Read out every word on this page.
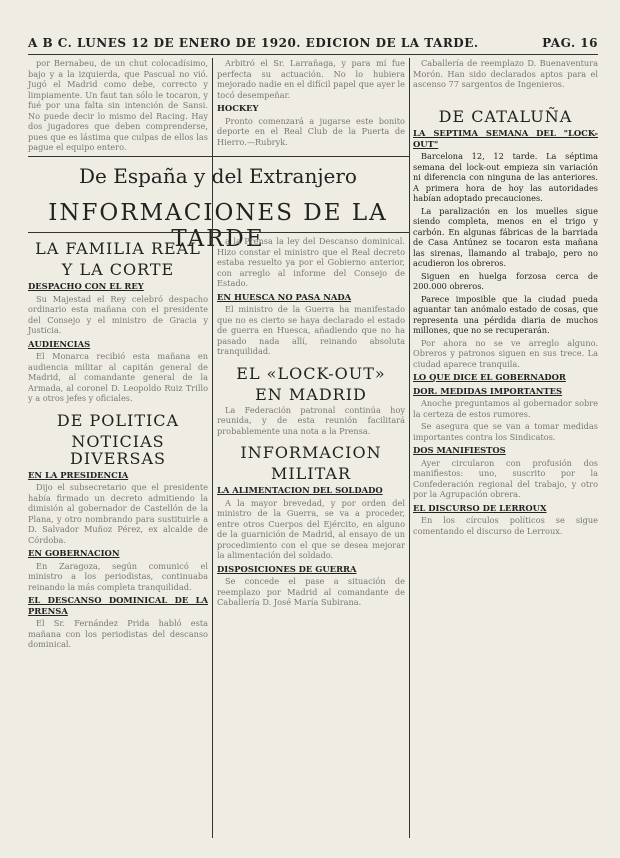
A B C. LUNES 12 DE ENERO DE 1920. EDICION DE LA TARDE.	PAG. 16

por Bernabeu, de un chut colocadísimo, bajo y a la izquierda, que Pascual no vió. Jugó el Madrid como debe, correcto y limpiamente. Un faut tan sólo le tocaron, y fué por una falta sin intención de Sansi. No puede decir lo mismo del Racing. Hay dos jugadores que deben comprenderse, pues que es lástima que culpas de ellos las pague el equipo entero.

Arbitró el Sr. Larrañaga, y para mí fue perfecta su actuación. No lo hubiera mejorado nadie en el difícil papel que ayer le tocó desempeñar.

HOCKEY

Pronto comenzará a jugarse este bonito deporte en el Real Club de la Puerta de Hierro.—Rubryk.

Caballería de reemplazo D. Buenaventura Morón. Han sido declarados aptos para el ascenso 77 sargentos de Ingenieros.

De España y del Extranjero
INFORMACIONES DE LA TARDE
LA FAMILIA REAL
Y LA CORTE
DESPACHO CON EL REY

Su Majestad el Rey celebró despacho ordinario esta mañana con el presidente del Consejo y el ministro de Gracia y Justicia.

AUDIENCIAS

El Monarca recibió esta mañana en audiencia militar al capitán general de Madrid, al comandante general de la Armada, al coronel D. Leopoldo Ruiz Trillo y a otros jefes y oficiales.

DE POLITICA
NOTICIAS DIVERSAS
EN LA PRESIDENCIA

Dijo el subsecretario que el presidente había firmado un decreto admitiendo la dimisión al gobernador de Castellón de la Plana, y otro nombrando para sustituirle a D. Salvador Muñoz Pérez, ex alcalde de Córdoba.

EN GOBERNACION

En Zaragoza, según comunicó el ministro a los periodistas, continuaba reinando la más completa tranquilidad.

EL DESCANSO DOMINICAL DE LA PRENSA

El Sr. Fernández Prida habló esta mañana con los periodistas del descanso dominical.

a la Prensa la ley del Descanso dominical. Hizo constar el ministro que el Real decreto estaba resuelto ya por el Gobierno anterior, con arreglo al informe del Consejo de Estado.

EN HUESCA NO PASA NADA

El ministro de la Guerra ha manifestado que no es cierto se haya declarado el estado de guerra en Huesca, añadiendo que no ha pasado nada allí, reinando absoluta tranquilidad.

EL «LOCK-OUT»
EN MADRID

La Federación patronal continúa hoy reunida, y de esta reunión facilitará probablemente una nota a la Prensa.

INFORMACION
MILITAR
LA ALIMENTACION DEL SOLDADO

A la mayor brevedad, y por orden del ministro de la Guerra, se va a proceder, entre otros Cuerpos del Ejército, en alguno de la guarnición de Madrid, al ensayo de un procedimiento con el que se desea mejorar la alimentación del soldado.

DISPOSICIONES DE GUERRA

Se concede el pase a situación de reemplazo por Madrid al comandante de Caballería D. José María Subirana.

DE CATALUÑA
LA SEPTIMA SEMANA DEL "LOCK-OUT"

Barcelona 12, 12 tarde. La séptima semana del lock-out empieza sin variación ni diferencia con ninguna de las anteriores. A primera hora de hoy las autoridades habían adoptado precauciones.

La paralización en los muelles sigue siendo completa, menos en el trigo y carbón. En algunas fábricas de la barriada de Casa Antúnez se tocaron esta mañana las sirenas, llamando al trabajo, pero no acudieron los obreros.

Siguen en huelga forzosa cerca de 200.000 obreros.

Parece imposible que la ciudad pueda aguantar tan anómalo estado de cosas, que representa una pérdida diaria de muchos millones, que no se recuperarán.

Por ahora no se ve arreglo alguno. Obreros y patronos siguen en sus trece. La ciudad aparece tranquila.

LO QUE DICE EL GOBERNADOR
DOR. MEDIDAS IMPORTANTES

Anoche preguntamos al gobernador sobre la certeza de estos rumores.

Se asegura que se van a tomar medidas importantes contra los Sindicatos.

DOS MANIFIESTOS

Ayer circularon con profusión dos manifiestos: uno, suscrito por la Confederación regional del trabajo, y otro por la Agrupación obrera.

EL DISCURSO DE LERROUX

En los círculos políticos se sigue comentando el discurso de Lerroux.
